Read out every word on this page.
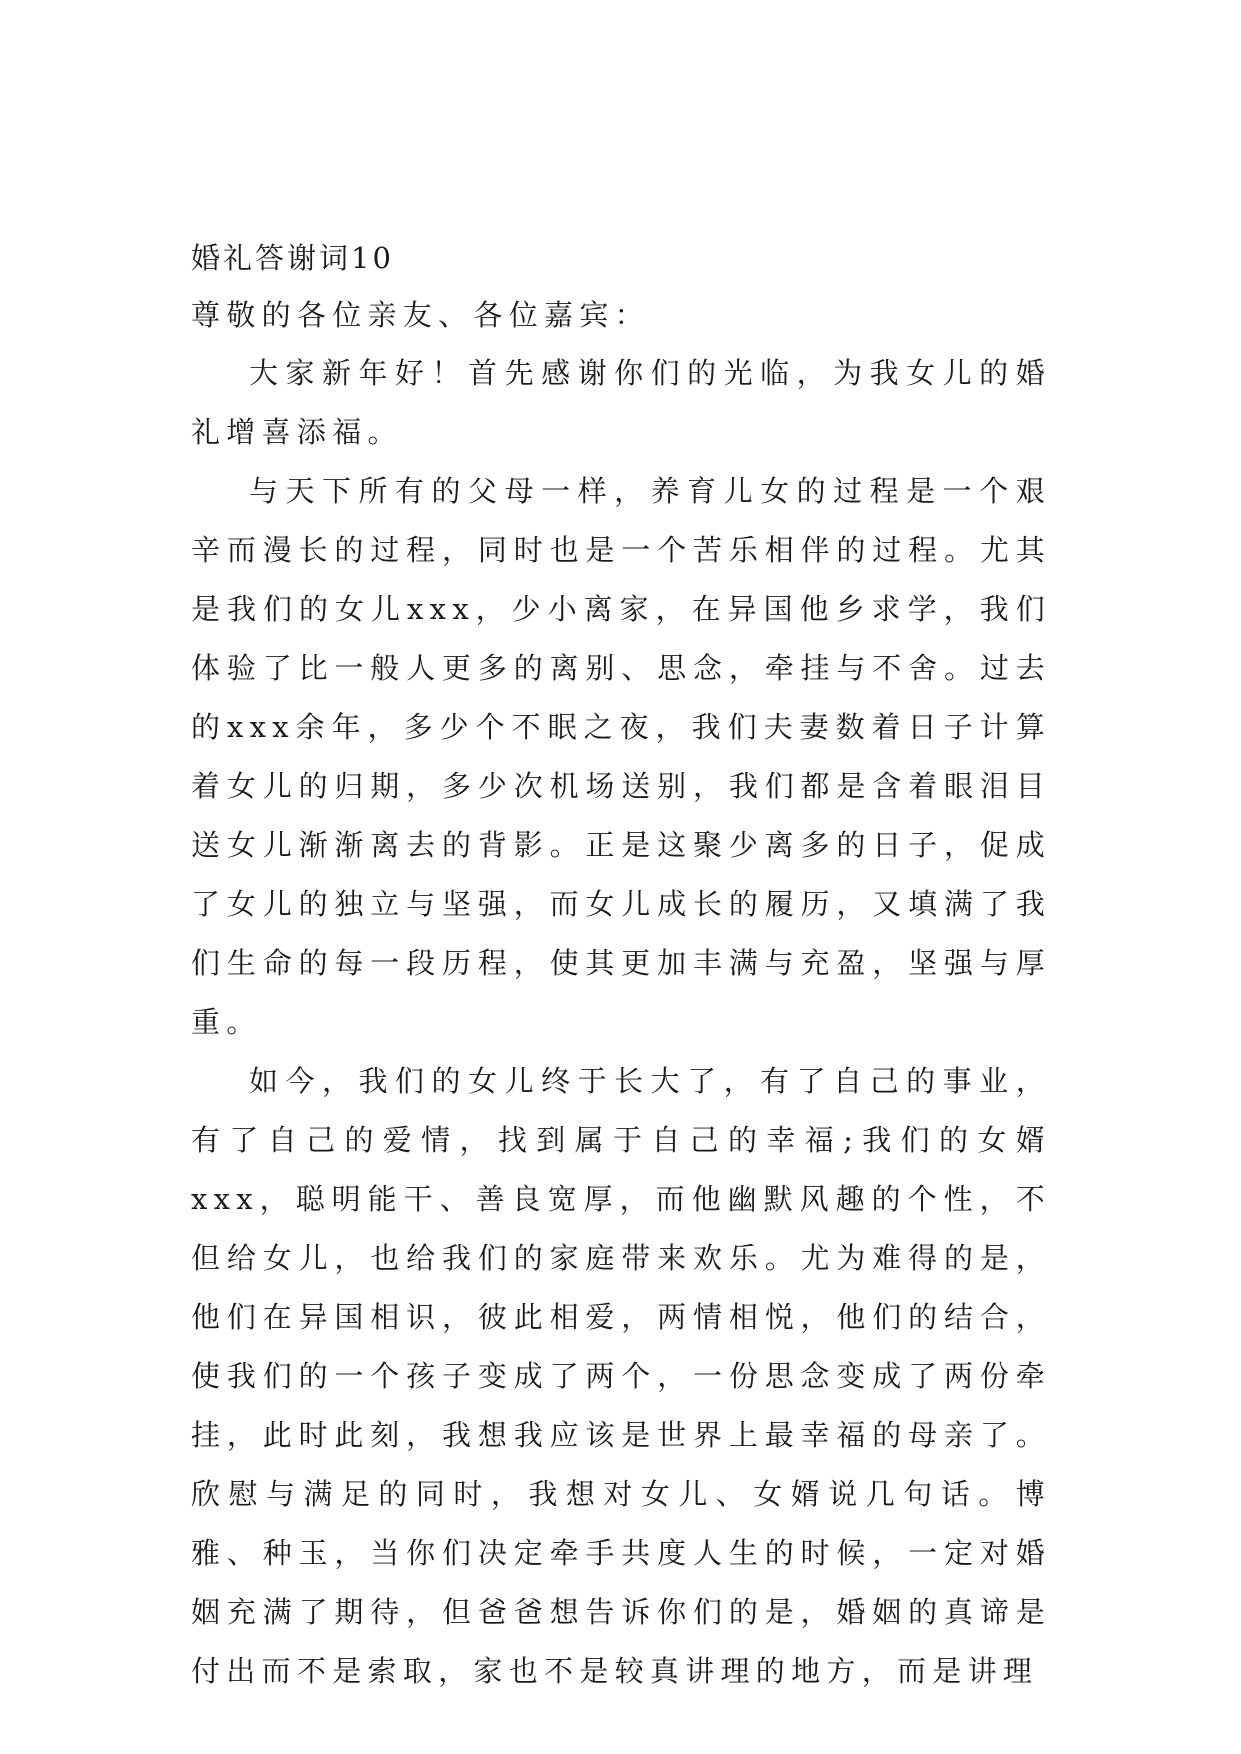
婚礼答谢词10

尊敬的各位亲友、各位嘉宾：

大家新年好！首先感谢你们的光临，为我女儿的婚礼增喜添福。

与天下所有的父母一样，养育儿女的过程是一个艰辛而漫长的过程，同时也是一个苦乐相伴的过程。尤其是我们的女儿xxx，少小离家，在异国他乡求学，我们体验了比一般人更多的离别、思念，牵挂与不舍。过去的xxx余年，多少个不眠之夜，我们夫妻数着日子计算着女儿的归期，多少次机场送别，我们都是含着眼泪目送女儿渐渐离去的背影。正是这聚少离多的日子，促成了女儿的独立与坚强，而女儿成长的履历，又填满了我们生命的每一段历程，使其更加丰满与充盈，坚强与厚重。

如今，我们的女儿终于长大了，有了自己的事业，有了自己的爱情，找到属于自己的幸福;我们的女婿xxx，聪明能干、善良宽厚，而他幽默风趣的个性，不但给女儿，也给我们的家庭带来欢乐。尤为难得的是，他们在异国相识，彼此相爱，两情相悦，他们的结合，使我们的一个孩子变成了两个，一份思念变成了两份牵挂，此时此刻，我想我应该是世界上最幸福的母亲了。欣慰与满足的同时，我想对女儿、女婿说几句话。博雅、种玉，当你们决定牵手共度人生的时候，一定对婚姻充满了期待，但爸爸想告诉你们的是，婚姻的真谛是付出而不是索取，家也不是较真讲理的地方，而是讲理
